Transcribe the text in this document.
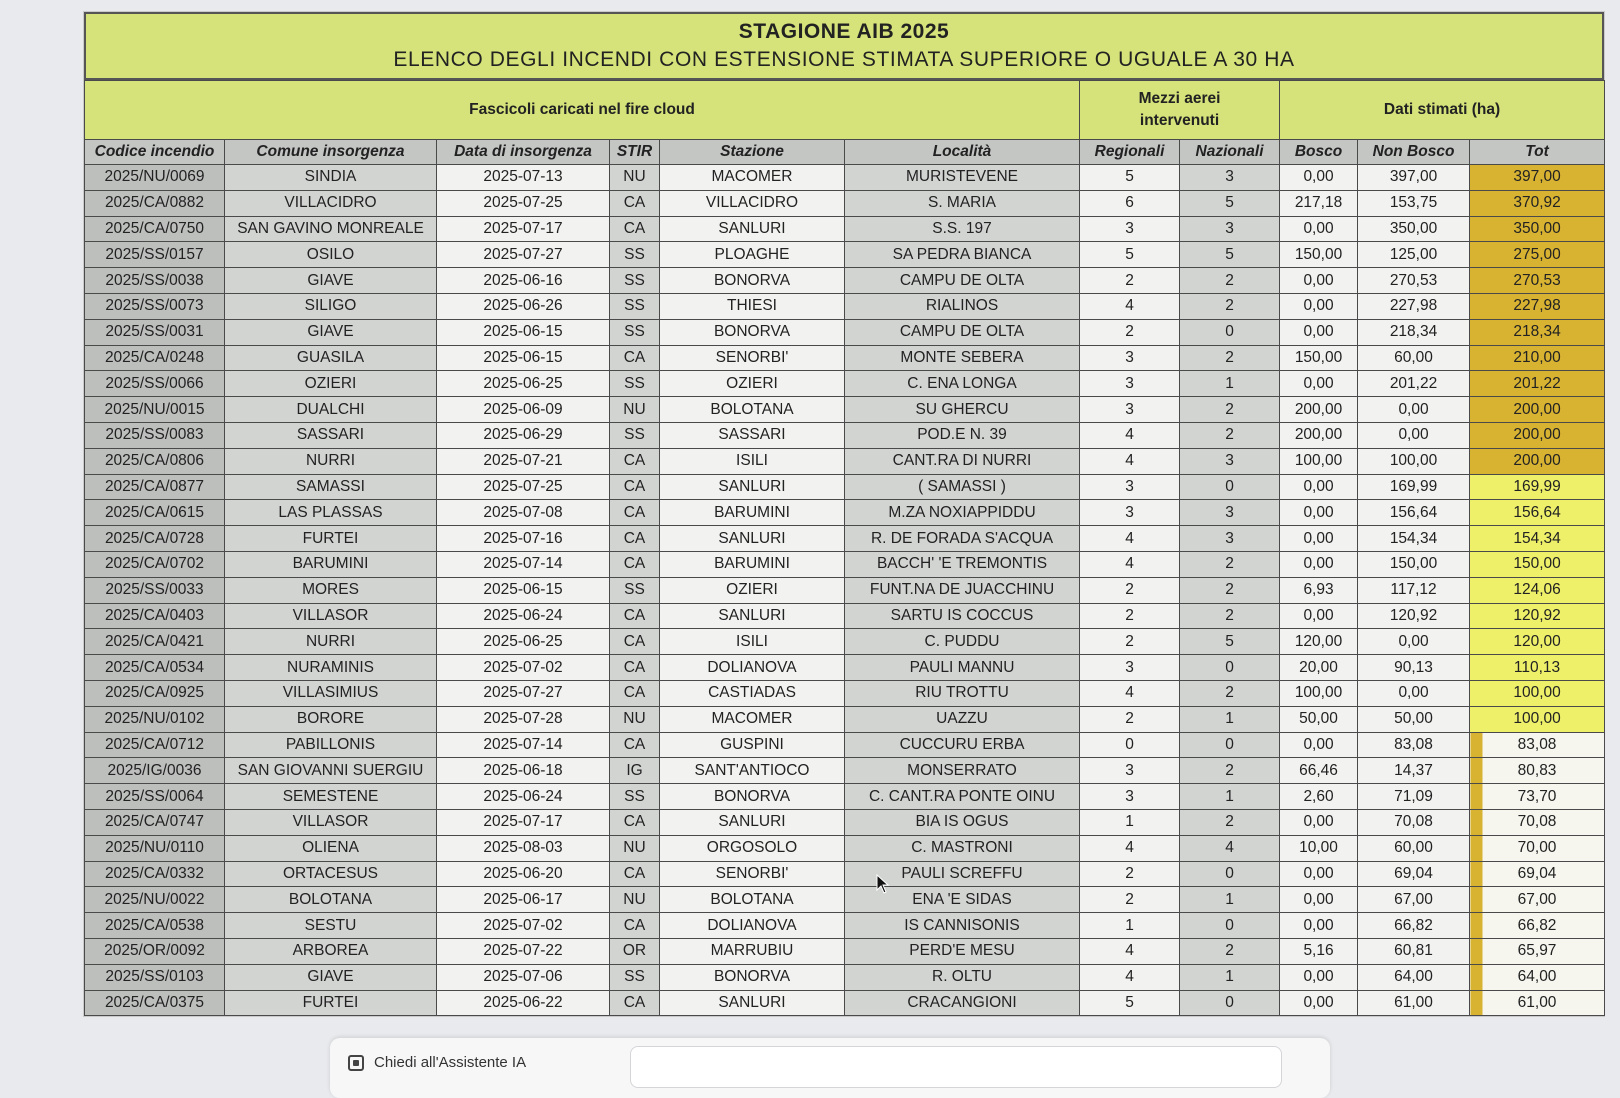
STAGIONE AIB 2025
ELENCO DEGLI INCENDI CON ESTENSIONE STIMATA SUPERIORE O UGUALE A 30 HA
Fascicoli caricati nel fire cloud						Mezzi aerei
intervenuti		Dati stimati (ha)		
Codice incendio	Comune insorgenza	Data di insorgenza	STIR	Stazione	Località	Regionali	Nazionali	Bosco	Non Bosco	Tot
2025/NU/0069	SINDIA	2025-07-13	NU	MACOMER	MURISTEVENE	5	3	0,00	397,00	397,00
2025/CA/0882	VILLACIDRO	2025-07-25	CA	VILLACIDRO	S. MARIA	6	5	217,18	153,75	370,92
2025/CA/0750	SAN GAVINO MONREALE	2025-07-17	CA	SANLURI	S.S. 197	3	3	0,00	350,00	350,00
2025/SS/0157	OSILO	2025-07-27	SS	PLOAGHE	SA PEDRA BIANCA	5	5	150,00	125,00	275,00
2025/SS/0038	GIAVE	2025-06-16	SS	BONORVA	CAMPU DE OLTA	2	2	0,00	270,53	270,53
2025/SS/0073	SILIGO	2025-06-26	SS	THIESI	RIALINOS	4	2	0,00	227,98	227,98
2025/SS/0031	GIAVE	2025-06-15	SS	BONORVA	CAMPU DE OLTA	2	0	0,00	218,34	218,34
2025/CA/0248	GUASILA	2025-06-15	CA	SENORBI'	MONTE SEBERA	3	2	150,00	60,00	210,00
2025/SS/0066	OZIERI	2025-06-25	SS	OZIERI	C. ENA LONGA	3	1	0,00	201,22	201,22
2025/NU/0015	DUALCHI	2025-06-09	NU	BOLOTANA	SU GHERCU	3	2	200,00	0,00	200,00
2025/SS/0083	SASSARI	2025-06-29	SS	SASSARI	POD.E N. 39	4	2	200,00	0,00	200,00
2025/CA/0806	NURRI	2025-07-21	CA	ISILI	CANT.RA DI NURRI	4	3	100,00	100,00	200,00
2025/CA/0877	SAMASSI	2025-07-25	CA	SANLURI	( SAMASSI )	3	0	0,00	169,99	169,99
2025/CA/0615	LAS PLASSAS	2025-07-08	CA	BARUMINI	M.ZA NOXIAPPIDDU	3	3	0,00	156,64	156,64
2025/CA/0728	FURTEI	2025-07-16	CA	SANLURI	R. DE FORADA S'ACQUA	4	3	0,00	154,34	154,34
2025/CA/0702	BARUMINI	2025-07-14	CA	BARUMINI	BACCH' 'E TREMONTIS	4	2	0,00	150,00	150,00
2025/SS/0033	MORES	2025-06-15	SS	OZIERI	FUNT.NA DE JUACCHINU	2	2	6,93	117,12	124,06
2025/CA/0403	VILLASOR	2025-06-24	CA	SANLURI	SARTU IS COCCUS	2	2	0,00	120,92	120,92
2025/CA/0421	NURRI	2025-06-25	CA	ISILI	C. PUDDU	2	5	120,00	0,00	120,00
2025/CA/0534	NURAMINIS	2025-07-02	CA	DOLIANOVA	PAULI MANNU	3	0	20,00	90,13	110,13
2025/CA/0925	VILLASIMIUS	2025-07-27	CA	CASTIADAS	RIU TROTTU	4	2	100,00	0,00	100,00
2025/NU/0102	BORORE	2025-07-28	NU	MACOMER	UAZZU	2	1	50,00	50,00	100,00
2025/CA/0712	PABILLONIS	2025-07-14	CA	GUSPINI	CUCCURU ERBA	0	0	0,00	83,08	83,08
2025/IG/0036	SAN GIOVANNI SUERGIU	2025-06-18	IG	SANT'ANTIOCO	MONSERRATO	3	2	66,46	14,37	80,83
2025/SS/0064	SEMESTENE	2025-06-24	SS	BONORVA	C. CANT.RA PONTE OINU	3	1	2,60	71,09	73,70
2025/CA/0747	VILLASOR	2025-07-17	CA	SANLURI	BIA IS OGUS	1	2	0,00	70,08	70,08
2025/NU/0110	OLIENA	2025-08-03	NU	ORGOSOLO	C. MASTRONI	4	4	10,00	60,00	70,00
2025/CA/0332	ORTACESUS	2025-06-20	CA	SENORBI'	PAULI SCREFFU	2	0	0,00	69,04	69,04
2025/NU/0022	BOLOTANA	2025-06-17	NU	BOLOTANA	ENA 'E SIDAS	2	1	0,00	67,00	67,00
2025/CA/0538	SESTU	2025-07-02	CA	DOLIANOVA	IS CANNISONIS	1	0	0,00	66,82	66,82
2025/OR/0092	ARBOREA	2025-07-22	OR	MARRUBIU	PERD'E MESU	4	2	5,16	60,81	65,97
2025/SS/0103	GIAVE	2025-07-06	SS	BONORVA	R. OLTU	4	1	0,00	64,00	64,00
2025/CA/0375	FURTEI	2025-06-22	CA	SANLURI	CRACANGIONI	5	0	0,00	61,00	61,00
Chiedi all'Assistente IA
